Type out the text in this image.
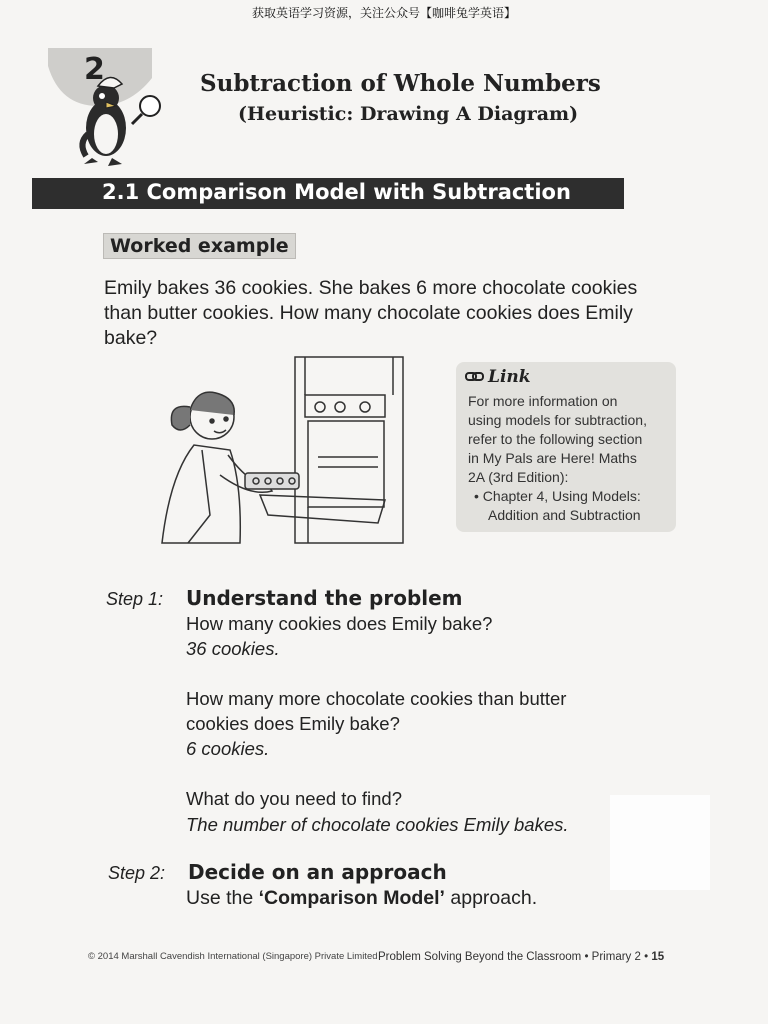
获取英语学习资源，关注公众号【咖啡兔学英语】
2	Subtraction of Whole Numbers
(Heuristic: Drawing A Diagram)
2.1 Comparison Model with Subtraction
Worked example
Emily bakes 36 cookies. She bakes 6 more chocolate cookies
than butter cookies. How many chocolate cookies does Emily
bake?
Link
For more information on
using models for subtraction,
refer to the following section
in My Pals are Here! Maths
2A (3rd Edition):
• Chapter 4, Using Models: Addition and Subtraction
Step 1: Understand the problem
How many cookies does Emily bake?
36 cookies.
How many more chocolate cookies than butter
cookies does Emily bake?
6 cookies.
What do you need to find?
The number of chocolate cookies Emily bakes.
Step 2: Decide on an approach
Use the ‘Comparison Model’ approach.
© 2014 Marshall Cavendish International (Singapore) Private Limited Problem Solving Beyond the Classroom • Primary 2 • 15
